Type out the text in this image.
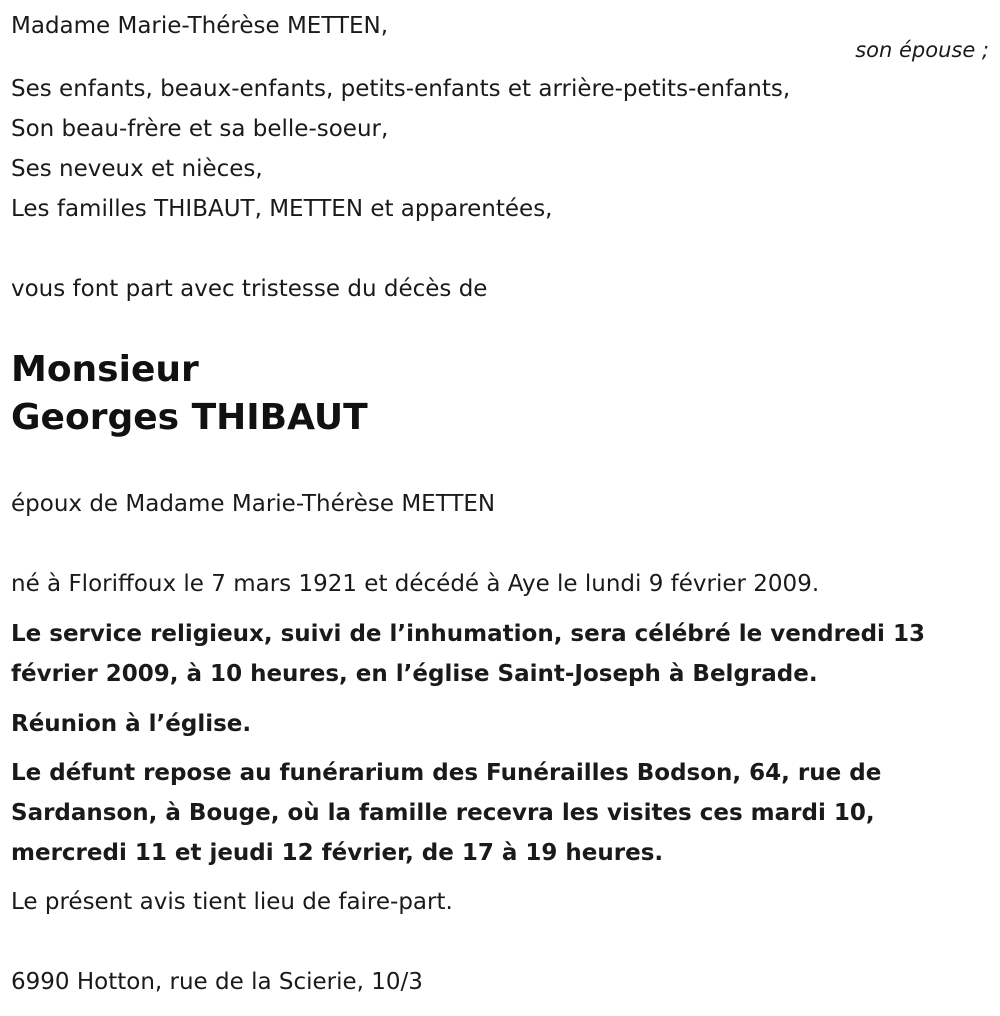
Madame Marie-Thérèse METTEN,

son épouse ;

Ses enfants, beaux-enfants, petits-enfants et arrière-petits-enfants,

Son beau-frère et sa belle-soeur,

Ses neveux et nièces,

Les familles THIBAUT, METTEN et apparentées,

vous font part avec tristesse du décès de

Monsieur

Georges THIBAUT

époux de Madame Marie-Thérèse METTEN

né à Floriffoux le 7 mars 1921 et décédé à Aye le lundi 9 février 2009.

Le service religieux, suivi de l’inhumation, sera célébré le vendredi 13

février 2009, à 10 heures, en l’église Saint-Joseph à Belgrade.

Réunion à l’église.

Le défunt repose au funérarium des Funérailles Bodson, 64, rue de

Sardanson, à Bouge, où la famille recevra les visites ces mardi 10,

mercredi 11 et jeudi 12 février, de 17 à 19 heures.

Le présent avis tient lieu de faire-part.

6990 Hotton, rue de la Scierie, 10/3
